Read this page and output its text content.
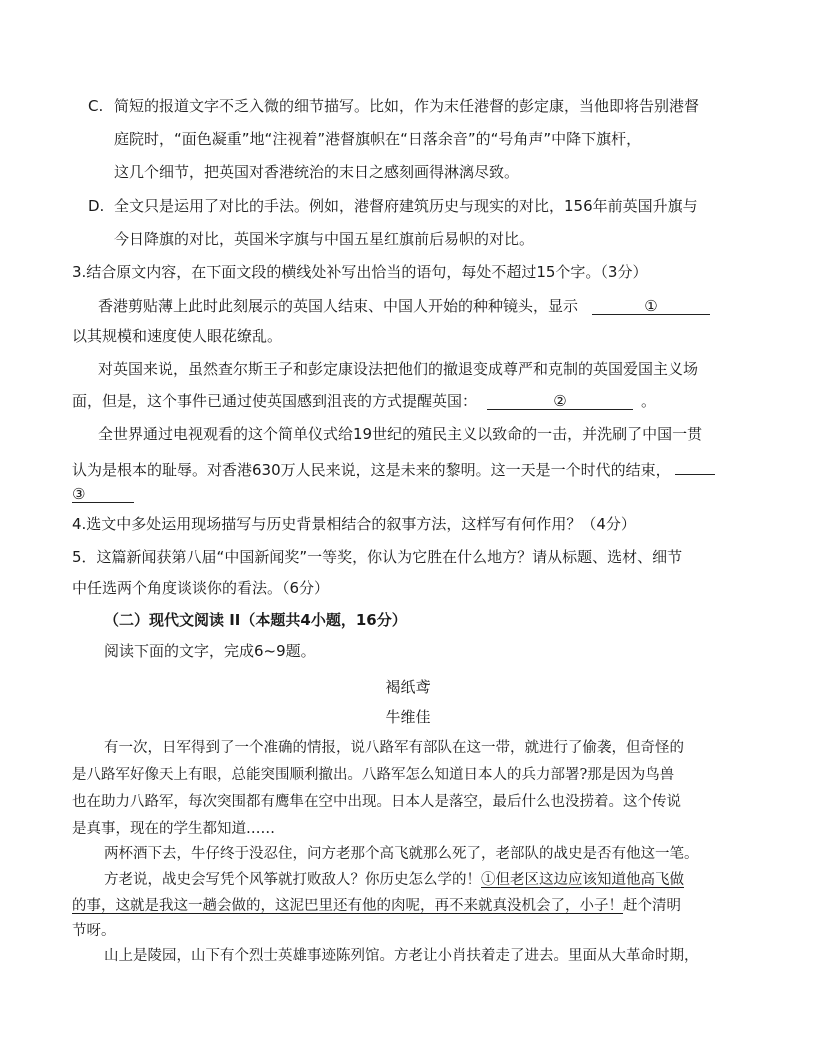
C. 简短的报道文字不乏入微的细节描写。比如，作为末任港督的彭定康，当他即将告别港督
庭院时，“面色凝重”地“注视着”港督旗帜在“日落余音”的“号角声”中降下旗杆，
这几个细节，把英国对香港统治的末日之感刻画得淋漓尽致。
D. 全文只是运用了对比的手法。例如，港督府建筑历史与现实的对比，156年前英国升旗与
今日降旗的对比，英国米字旗与中国五星红旗前后易帜的对比。
3.结合原文内容，在下面文段的横线处补写出恰当的语句，每处不超过15个字。（3分）
香港剪贴薄上此时此刻展示的英国人结束、中国人开始的种种镜头，显示	①
以其规模和速度使人眼花缭乱。
对英国来说，虽然查尔斯王子和彭定康设法把他们的撤退变成尊严和克制的英国爱国主义场
面，但是，这个事件已通过使英国感到沮丧的方式提醒英国：	②	。
全世界通过电视观看的这个简单仪式给19世纪的殖民主义以致命的一击，并洗刷了中国一贯
认为是根本的耻辱。对香港630万人民来说，这是未来的黎明。这一天是一个时代的结束，
③
4.选文中多处运用现场描写与历史背景相结合的叙事方法，这样写有何作用？（4分）
5．这篇新闻获第八届“中国新闻奖”一等奖，你认为它胜在什么地方？请从标题、选材、细节
中任选两个角度谈谈你的看法。（6分）
（二）现代文阅读 II（本题共4小题，16分）
阅读下面的文字，完成6~9题。
褐纸鸢
牛维佳
有一次，日军得到了一个准确的情报，说八路军有部队在这一带，就进行了偷袭，但奇怪的
是八路军好像天上有眼，总能突围顺利撤出。八路军怎么知道日本人的兵力部署?那是因为鸟兽
也在助力八路军，每次突围都有鹰隼在空中出现。日本人是落空，最后什么也没捞着。这个传说
是真事，现在的学生都知道……
两杯酒下去，牛仔终于没忍住，问方老那个高飞就那么死了，老部队的战史是否有他这一笔。
方老说，战史会写凭个风筝就打败敌人？你历史怎么学的！①但老区这边应该知道他高飞做
的事，这就是我这一趟会做的，这泥巴里还有他的肉呢，再不来就真没机会了，小子！赶个清明
节呀。
山上是陵园，山下有个烈士英雄事迹陈列馆。方老让小肖扶着走了进去。里面从大革命时期，
